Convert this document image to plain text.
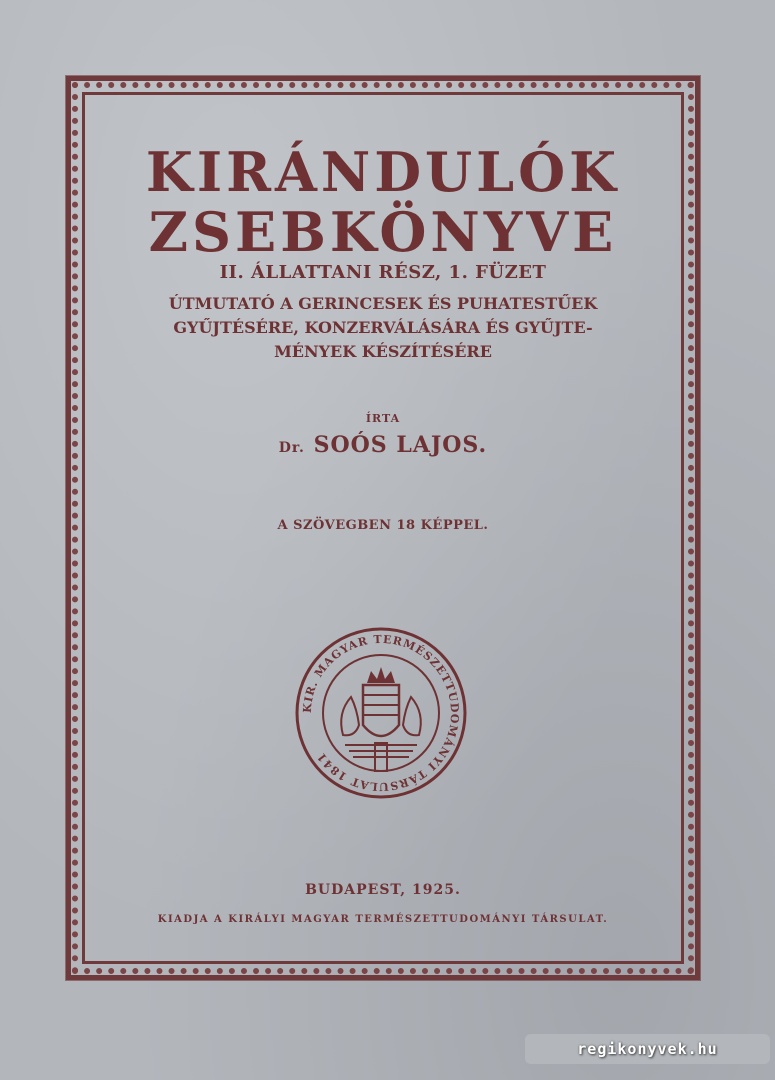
KIRÁNDULÓK
ZSEBKÖNYVE
II. ÁLLATTANI RÉSZ, 1. FÜZET
ÚTMUTATÓ A GERINCESEK ÉS PUHATESTŰEK
GYŰJTÉSÉRE, KONZERVÁLÁSÁRA ÉS GYŰJTE-
MÉNYEK KÉSZÍTÉSÉRE
ÍRTA
Dr. SOÓS LAJOS.
A SZÖVEGBEN 18 KÉPPEL.
KIR. MAGYAR TERMÉSZETTUDOMÁNYI TÁRSULAT 1841
BUDAPEST, 1925.
KIADJA A KIRÁLYI MAGYAR TERMÉSZETTUDOMÁNYI TÁRSULAT.
regikonyvek.hu
